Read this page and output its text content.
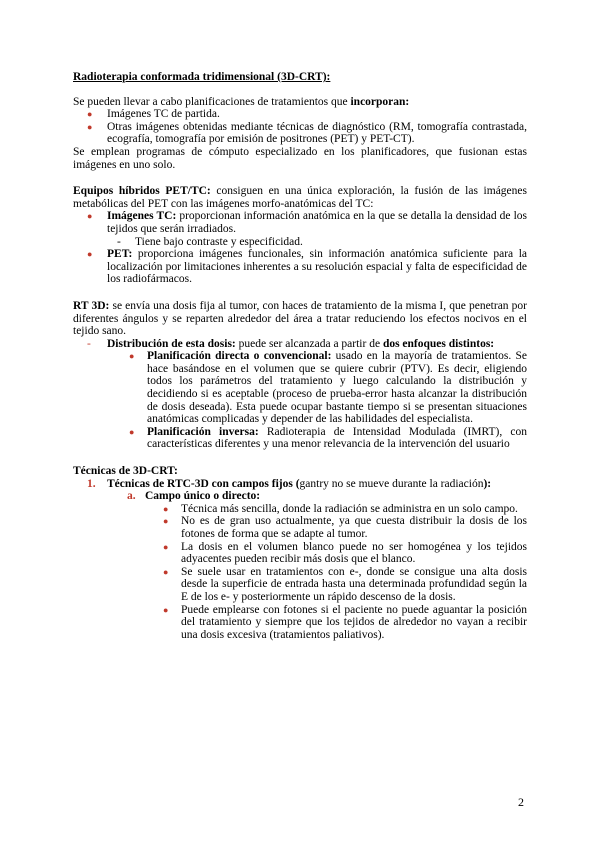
Radioterapia conformada tridimensional (3D-CRT):

Se pueden llevar a cabo planificaciones de tratamientos que incorporan:

● Imágenes TC de partida.
● Otras imágenes obtenidas mediante técnicas de diagnóstico (RM, tomografía contrastada, ecografía, tomografía por emisión de positrones (PET) y PET-CT).

Se emplean programas de cómputo especializado en los planificadores, que fusionan estas imágenes en uno solo.

Equipos híbridos PET/TC: consiguen en una única exploración, la fusión de las imágenes metabólicas del PET con las imágenes morfo-anatómicas del TC:

● Imágenes TC: proporcionan información anatómica en la que se detalla la densidad de los tejidos que serán irradiados.
- Tiene bajo contraste y especificidad.
● PET: proporciona imágenes funcionales, sin información anatómica suficiente para la localización por limitaciones inherentes a su resolución espacial y falta de especificidad de los radiofármacos.

RT 3D: se envía una dosis fija al tumor, con haces de tratamiento de la misma I, que penetran por diferentes ángulos y se reparten alrededor del área a tratar reduciendo los efectos nocivos en el tejido sano.

- Distribución de esta dosis: puede ser alcanzada a partir de dos enfoques distintos:
● Planificación directa o convencional: usado en la mayoría de tratamientos. Se hace basándose en el volumen que se quiere cubrir (PTV). Es decir, eligiendo todos los parámetros del tratamiento y luego calculando la distribución y decidiendo si es aceptable (proceso de prueba-error hasta alcanzar la distribución de dosis deseada). Esta puede ocupar bastante tiempo si se presentan situaciones anatómicas complicadas y depender de las habilidades del especialista.
● Planificación inversa: Radioterapia de Intensidad Modulada (IMRT), con características diferentes y una menor relevancia de la intervención del usuario

Técnicas de 3D-CRT:

1. Técnicas de RTC-3D con campos fijos (gantry no se mueve durante la radiación):
a. Campo único o directo:
● Técnica más sencilla, donde la radiación se administra en un solo campo.
● No es de gran uso actualmente, ya que cuesta distribuir la dosis de los fotones de forma que se adapte al tumor.
● La dosis en el volumen blanco puede no ser homogénea y los tejidos adyacentes pueden recibir más dosis que el blanco.
● Se suele usar en tratamientos con e-, donde se consigue una alta dosis desde la superficie de entrada hasta una determinada profundidad según la E de los e- y posteriormente un rápido descenso de la dosis.
● Puede emplearse con fotones si el paciente no puede aguantar la posición del tratamiento y siempre que los tejidos de alrededor no vayan a recibir una dosis excesiva (tratamientos paliativos).
2
